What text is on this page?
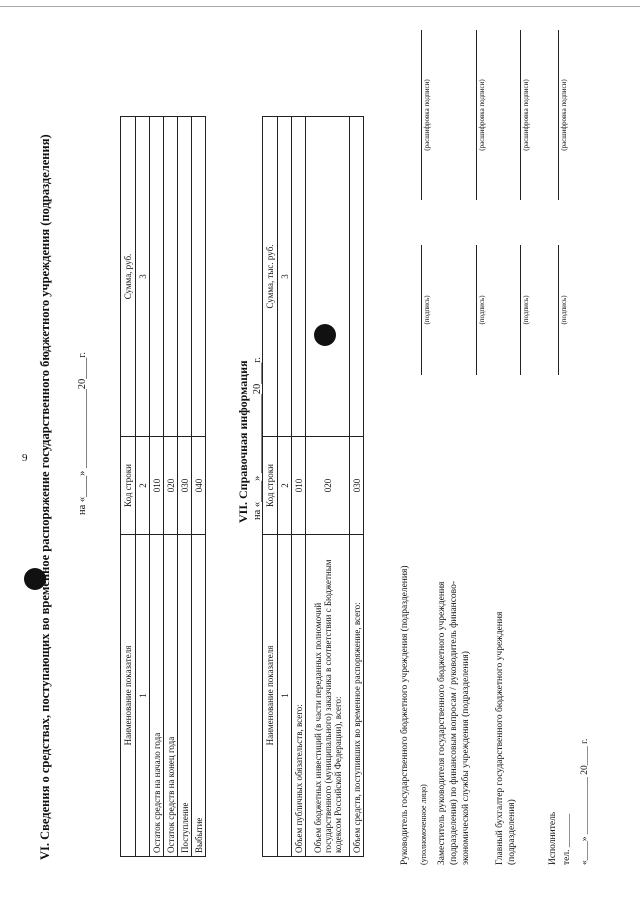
9 VI. Сведения о средствах, поступающих во временное распоряжение государственного бюджетного учреждения (подразделения) на «____» _______________20____г.
Наименование показателя	Код строки	Сумма, руб.
1	2	3
Остаток средств на начало года	010	
Остаток средств на конец года	020	
Поступление	030	
Выбытие	040		VII. Справочная информация на «____» _______________20____г.
Наименование показателя	Код строки	Сумма, тыс. руб.
1	2	3
Объем публичных обязательств, всего:	010	
Объем бюджетных инвестиций (в части переданных полномочий государственного (муниципального) заказчика в соответствии с Бюджетным кодексом Российской Федерации), всего:	020	
Объем средств, поступивших во временное распоряжение, всего:	030	
Руководитель государственного бюджетного учреждения (подразделения) (уполномоченное лицо)
(подпись)
(расшифровка подписи)
Заместитель руководителя государственного бюджетного учреждения (подразделения) по финансовым вопросам / руководитель финансово- экономической службы учреждения (подразделения)
(подпись)
(расшифровка подписи)
Главный бухгалтер государственного бюджетного учреждения (подразделения)
(подпись)
(расшифровка подписи)
Исполнитель
(подпись)
(расшифровка подписи)
тел. _______ «____» ____________ 20____ г.
